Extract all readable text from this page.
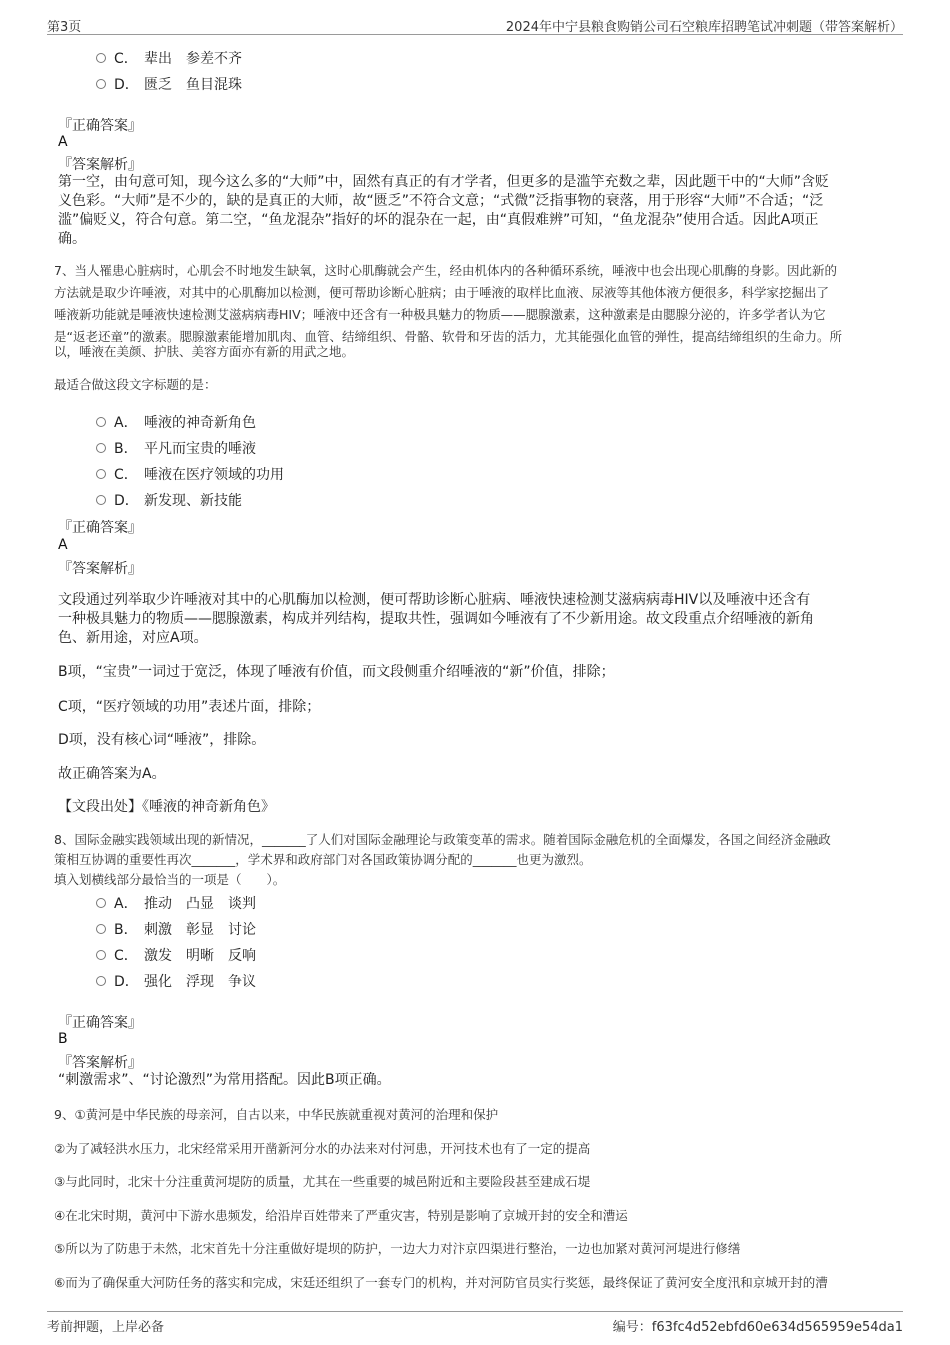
第3页	2024年中宁县粮食购销公司石空粮库招聘笔试冲刺题（带答案解析）
C． 辈出　参差不齐
D． 匮乏　鱼目混珠
『正确答案』
A
『答案解析』
第一空，由句意可知，现今这么多的“大师”中，固然有真正的有才学者，但更多的是滥竽充数之辈，因此题干中的“大师”含贬
义色彩。“大师”是不少的，缺的是真正的大师，故“匮乏”不符合文意；“式微”泛指事物的衰落，用于形容“大师”不合适；“泛
滥”偏贬义，符合句意。第二空，“鱼龙混杂”指好的坏的混杂在一起，由“真假难辨”可知，“鱼龙混杂”使用合适。因此A项正
确。
7、当人罹患心脏病时，心肌会不时地发生缺氧，这时心肌酶就会产生，经由机体内的各种循环系统，唾液中也会出现心肌酶的身影。因此新的
方法就是取少许唾液，对其中的心肌酶加以检测，便可帮助诊断心脏病；由于唾液的取样比血液、尿液等其他体液方便很多，科学家挖掘出了
唾液新功能就是唾液快速检测艾滋病病毒HIV；唾液中还含有一种极具魅力的物质——腮腺激素，这种激素是由腮腺分泌的，许多学者认为它
是“返老还童”的激素。腮腺激素能增加肌肉、血管、结缔组织、骨骼、软骨和牙齿的活力，尤其能强化血管的弹性，提高结缔组织的生命力。所
以，唾液在美颜、护肤、美容方面亦有新的用武之地。
最适合做这段文字标题的是：
A． 唾液的神奇新角色
B． 平凡而宝贵的唾液
C． 唾液在医疗领域的功用
D． 新发现、新技能
『正确答案』
A
『答案解析』
文段通过列举取少许唾液对其中的心肌酶加以检测，便可帮助诊断心脏病、唾液快速检测艾滋病病毒HIV以及唾液中还含有
一种极具魅力的物质——腮腺激素，构成并列结构，提取共性，强调如今唾液有了不少新用途。故文段重点介绍唾液的新角
色、新用途，对应A项。
B项，“宝贵”一词过于宽泛，体现了唾液有价值，而文段侧重介绍唾液的“新”价值，排除；
C项，“医疗领域的功用”表述片面，排除；
D项，没有核心词“唾液”，排除。
故正确答案为A。
【文段出处】《唾液的神奇新角色》
8、国际金融实践领域出现的新情况，_______了人们对国际金融理论与政策变革的需求。随着国际金融危机的全面爆发，各国之间经济金融政
策相互协调的重要性再次_______，学术界和政府部门对各国政策协调分配的_______也更为激烈。
填入划横线部分最恰当的一项是（　　）。
A． 推动　凸显　谈判
B． 刺激　彰显　讨论
C． 激发　明晰　反响
D． 强化　浮现　争议
『正确答案』
B
『答案解析』
“刺激需求”、“讨论激烈”为常用搭配。因此B项正确。
9、①黄河是中华民族的母亲河，自古以来，中华民族就重视对黄河的治理和保护
②为了减轻洪水压力，北宋经常采用开凿新河分水的办法来对付河患，开河技术也有了一定的提高
③与此同时，北宋十分注重黄河堤防的质量，尤其在一些重要的城邑附近和主要险段甚至建成石堤
④在北宋时期，黄河中下游水患频发，给沿岸百姓带来了严重灾害，特别是影响了京城开封的安全和漕运
⑤所以为了防患于未然，北宋首先十分注重做好堤坝的防护，一边大力对汴京四渠进行整治，一边也加紧对黄河河堤进行修缮
⑥而为了确保重大河防任务的落实和完成，宋廷还组织了一套专门的机构，并对河防官员实行奖惩，最终保证了黄河安全度汛和京城开封的漕
考前押题，上岸必备	编号：f63fc4d52ebfd60e634d565959e54da1
